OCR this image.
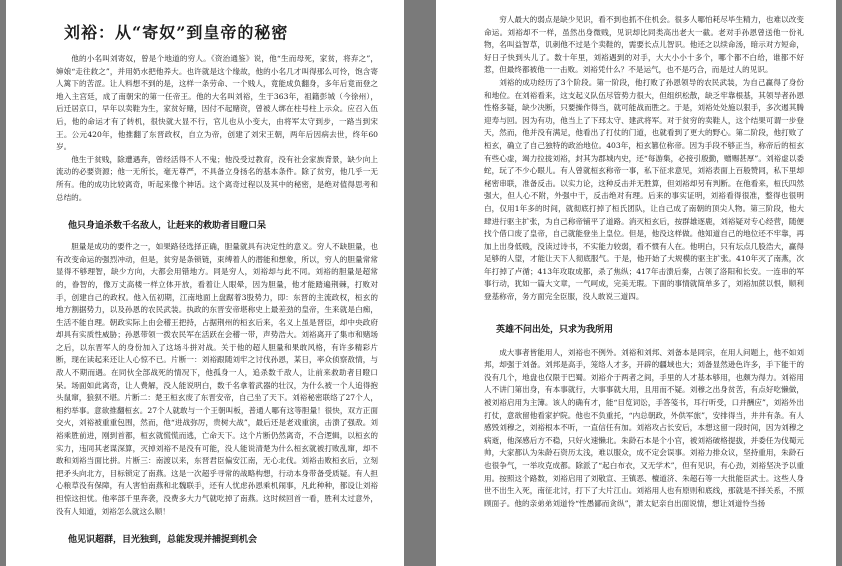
刘裕：从“寄奴”到皇帝的秘密

他的小名叫刘寄奴，曾是个地道的穷人。《资治通鉴》说，他“生而母死，家贫，将弃之”，婶娘“走往救之”，并用奶水把他养大。也许就是这个缘故，他的小名几才叫得那么可怜，饱含寄人篱下的苦涩。让人料想不到的是，这样一条劳命、一个贱人，竟能成负翻身，多年后竟而登之地入主宫廷，成了南朝宋的第一任帝王。他的大名叫刘裕，生于363年，祖籍彭城（今徐州），后迁居京口，早年以卖鞋为生，家贫好赌，因付不起赌资，曾被人绑在柱号柱上示众。应召入伍后，他的命运才有了转机，很快就大显不行，官儿也从小变大，由将军太守到步，一路当到宋王。公元420年，他推翻了东晋政权，自立为帝，创建了刘宋王朝，两年后因病去世，终年60岁。

他生于贫贱，除遭遇奔，曾经活得不人不鬼；他没受过教育，没有社会家族背景，缺少向上流动的必要资源；他一无所长，毫无尊严，不具备立身扬名的基本条件。除了贫穷，他几乎一无所有。他的成功比较离奇，听起来像个神话。这个离奇过程以及其中的秘密，是绝对值得思考和总结的。

他只身追杀数千名敌人，让赶来的救助者目瞪口呆

胆量是成功的要件之一，如果路径选择正确，胆量就具有决定性的意义。穷人不缺胆量，也有改变命运的强烈冲动，但是，贫穷是条锁链，束缚着人的潜能和想象，所以，穷人的胆量常常显得不够理智，缺少方向，大都会用错地方。同是穷人，刘裕却与此不同。刘裕的胆量是超常的，眷智的，像万丈高楼一样立体开放，看着让人眼晕，因为胆量，他才能踏遍荆棘，打败对手，创建自己的政权。他入伍初期，江南地面上盘踞着3股势力，即：东晋的主流政权，桓玄的地方割据势力，以及孙恩的农民武装。执政的东晋安帝堪称史上最差劲的皇帝，生来就是白痴，生活不能自理。朝政实际上由会稽王把持，占据荆州的桓玄后来，名义上虽是晋臣，却中央政府却具有实质性威胁；孙恩带领一拨农民军在活跃在会稽一带，声势浩大。刘裕离开了集市和赌场之后，以东晋军人的身份加入了这场斗拼对战。关于他的超人胆量和果敢风格，有许多精彩片断，现在读起来还让人心惊不已。片断一：刘裕跟随刘牢之讨伐孙恩，某日，率众侦察敌情，与敌人不期而遇。在同伙全部战死的情况下，他孤身一人，追杀数千敌人，让前来救助者目瞪口呆。场面如此离奇，让人费解，没人能说明白，数千名拿着武器的壮汉，为什么被一个人追得抱头鼠窜，狼狈不堪。片断二：楚王桓玄废了东晋安帝，自己坐了天下。刘裕秘密联络了27个人，相约举事。意欲推翻桓玄。27个人就敢与一个王朝叫板，普通人哪有这等胆量！很快，双方正面交火，刘裕被重重包围，然而，他“进战弥厉，贵树大战”，最后还是老戏重演，击溃了强敌。刘裕乘胜前进，刚到首都，桓玄就慌慌而逃，亡命天下。这个片断仍然离奇，不合逻辑，以桓玄的实力，违同其老谋深算，灭掉刘裕不是没有可能，没人能说清楚为什么桓玄就被打败乱窜，却不敢和刘裕当面比拼。片断三：南渡以来，东晋君臣偏安江南，无心北伐。刘裕击败桓玄后，立刻把矛头向北方，目标锁定了南燕。这是一次超乎寻常的战略构想，行动本身带备受质疑。有人担心粮草没有保障，有人害怕南燕和北魏联手，还有人忧虑孙恩乘机闹事，凡此种种，都设让刘裕担惊这担忧。他率部千里奔袭，没费多大力气就吃掉了南燕。这时候回首一看，胜利太过意外，没有人知道，刘裕怎么就这么顺！

他见识超群，目光独到，总能发现并捕捉到机会

穷人最大的弱点是缺少见识，看不到也抓不住机会。很多人哪怕耗尽毕生精力，也难以改变命运。刘裕却不一样，虽然出身微贱，见识却比同类高出老大一截。老对手孙恩曾送他一份礼物，名叫益智草，讥刺他不过是个卖鞋的，需要长点儿智识。他还之以续命汤，暗示对方短命，好日子快到头儿了。数十年里，刘裕遇到的对手，大大小小十多个，哪个都不白给，谁都不好惹，但最终都被他一一击败。刘裕凭什么？不是运气，也不是巧合，而是过人的见识。

刘裕的成功经历了3个阶段。第一阶段，他打败了孙恩领导的农民武装，为自己赢得了身份和地位。在刘裕看来，这支起义队伍尽管势力很大，但组织松散，缺乏牢靠根基，其领导者孙恩性格多疑，缺少决断，只要操作得当，就可能战而胜之。于是，刘裕处处施以狠手，多次遏其腾迎寿与回。因为有功，他当上了下邳太守、建武将军。对于贫穷的卖鞋人，这个结果可谓一步登天，然而，他并没有满足，他看出了打仗的门道，也就看到了更大的野心。第二阶段，他打败了桓玄，确立了自己独特的政治地位。403年，桓玄篡位称帝。因为手段不够正当，称帝后的桓玄有些心虚，竭力拉拢刘裕，封其为郡城内史，还“每游集，必接引殷勤，赠赐甚厚”。刘裕虚以委蛇，玩了不少心眼儿。有人曾就桓玄称帝一事，私下征求意见，刘裕表面上百般赞同，私下里却秘密串联，准备反击。以实力论，这种反击并无胜算，但刘裕却另有判断。在他看来，桓氏四然强大，但人心不附，外强中干，反击绝对有理。后来的事实证明，刘裕看得很准，整得也很明白，仅用1年多的时间，就彻底打掉了桓氏团队，让自己成了南朝的顶尖人物。第三阶段，他大肆进行驱主扩张，为自己称帝铺平了道路。消灭桓玄后，按群雄逐鹿，刘裕疑对专心经营，随便找个借口废了皇帝，自己就能登坐上皇位。但是，他没这样做。他知道自己的地位还不牢靠，再加上出身低贱，没读过诗书，不实能力较弱，看不惯有人在。他明白，只有坛点几股浩大，赢得足够的人望，才能让天下人彻底服气。于是，他开始了大规模的驱主扩张。410年灭了南燕，次年打掉了卢循；413年攻取成都，杀了焦纵；417年击溃后秦，占领了洛阳和长安。一连串的军事行动，犹如一篇大文章，一气呵成，完美无瑕。下面的事情就简单多了，刘裕加蔗以恨，顺利登基称帝，务方面完全臣服，没人敢说三道四。

英雄不问出处，只求为我所用

成大事者皆能用人，刘裕也不例外。刘裕和刘邦、刘备本是同宗，在用人问题上，他不如刘邦，却强于刘备。刘邦是高手，笼络人才多，开辟的疆域也大；刘备显然逊色许多，手下能干的没有几个，地盘也仅限于巴蜀。刘裕介于两者之间，手里的人才基本够用，也颇为得力。刘裕用人不讲门第出身，有本事就行，大事事就大用，且用而不疑。刘穆之出身贫苦，有点好吃懒做，被刘裕启用为主簿。该人的确有才，能“目览词讼，手答笺书，耳行听受，口并酬应”，刘裕外出打仗，意欲留他看家护院。他也不负重托，“内总朝政，外供军旅”，安排得当，井井有条。有人感毁刘穆之，刘裕根本不听，一直信任有加。刘裕攻占长安后，本想这留一段时间，因为刘穆之病逝，他深感后方不稳，只好火速懒北。朱龄石本是个小官，被刘裕破格提拔，并委任为伐蜀元帅，大家都认为朱龄石资历太浅，难以服众，成不定会误事。刘裕力排众议，坚持重用，朱龄石也很争气，一举攻克成都。除派了“起白布衣，又无学术”，但有见识，有心劲，刘裕坚决予以重用。按照这个路数，刘裕启用了刘敬宣、王镇恶、檀道济、朱超石等一大批能臣武士。这些人身世不出生入死，南征北讨，打下了大片江山。刘裕用人也有原则和底线，那就是不择关系，不照顾面子。他的亲弟弟刘道怜“性愚鄙而贪纵”，萧太妃亲自出面说情，想让刘道怜当扬
